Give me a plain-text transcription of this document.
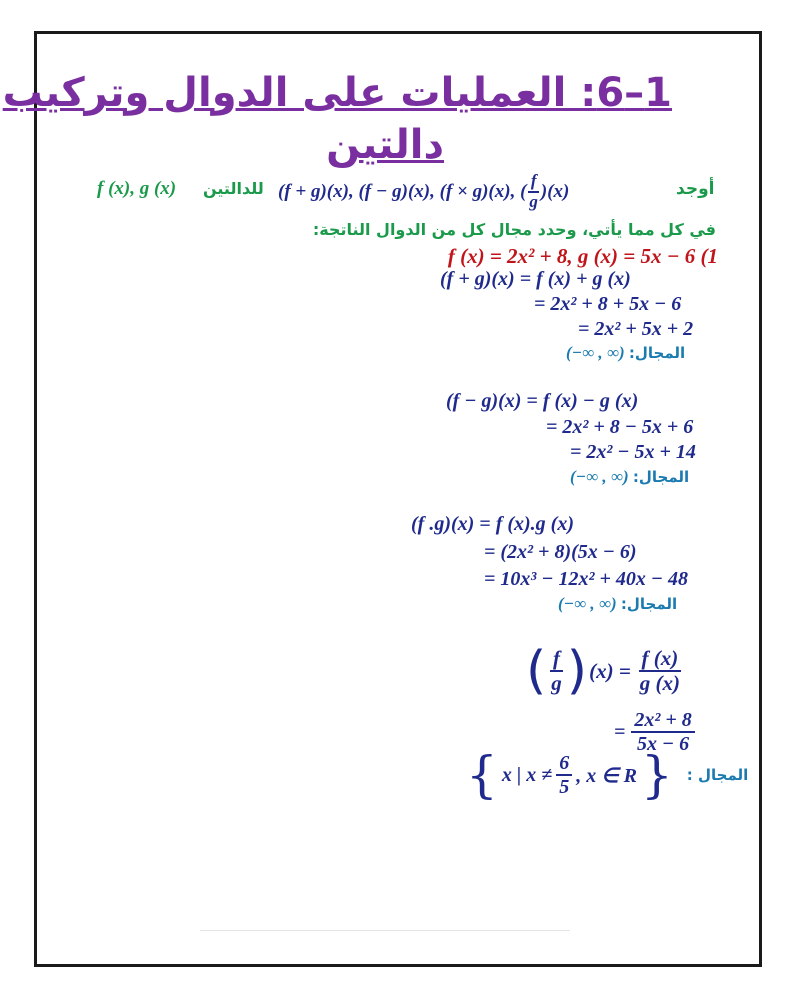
1–6: العمليات على الدوال وتركيب
دالتين
f (x), g (x) للدالتين (f + g)(x), (f − g)(x), (f × g)(x), ( $\frac{f}{g} )(x)$	أوجد
في كل مما يأتي، وحدد مجال كل من الدوال الناتجة:
f (x) = 2x² + 8, g (x) = 5x − 6 (1
(f + g)(x) = f (x) + g (x)
= 2x² + 8 + 5x − 6
= 2x² + 5x + 2
(−∞ , ∞) المجال:
(f − g)(x) = f (x) − g (x)
= 2x² + 8 − 5x + 6
= 2x² − 5x + 14
(−∞ , ∞) المجال:
(f .g)(x) = f (x).g (x)
= (2x² + 8)(5x − 6)
= 10x³ − 12x² + 40x − 48
(−∞ , ∞) المجال:
( $\frac{f}{g}$ ) $(x) = \frac{f (x)}{g (x)}$
= $\frac{\text{2x² + 8}}{5x - 6}$
{ x | $x \ne \frac{6}{5}$ , x ∈ R } المجال :
